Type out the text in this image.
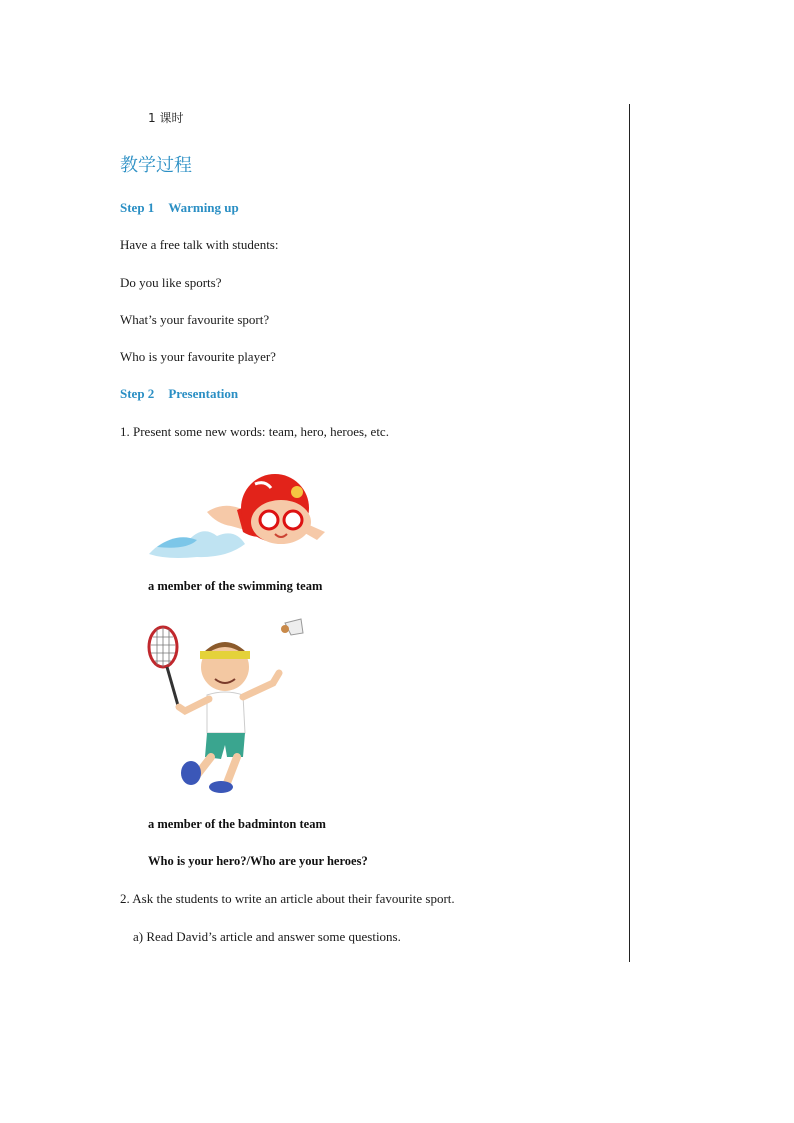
1 课时
教学过程
Step 1 Warming up
Have a free talk with students:
Do you like sports?
What’s your favourite sport?
Who is your favourite player?
Step 2 Presentation
1. Present some new words: team, hero, heroes, etc.
a member of the swimming team
a member of the badminton team
Who is your hero?/Who are your heroes?
2. Ask the students to write an article about their favourite sport.
a) Read David’s article and answer some questions.
